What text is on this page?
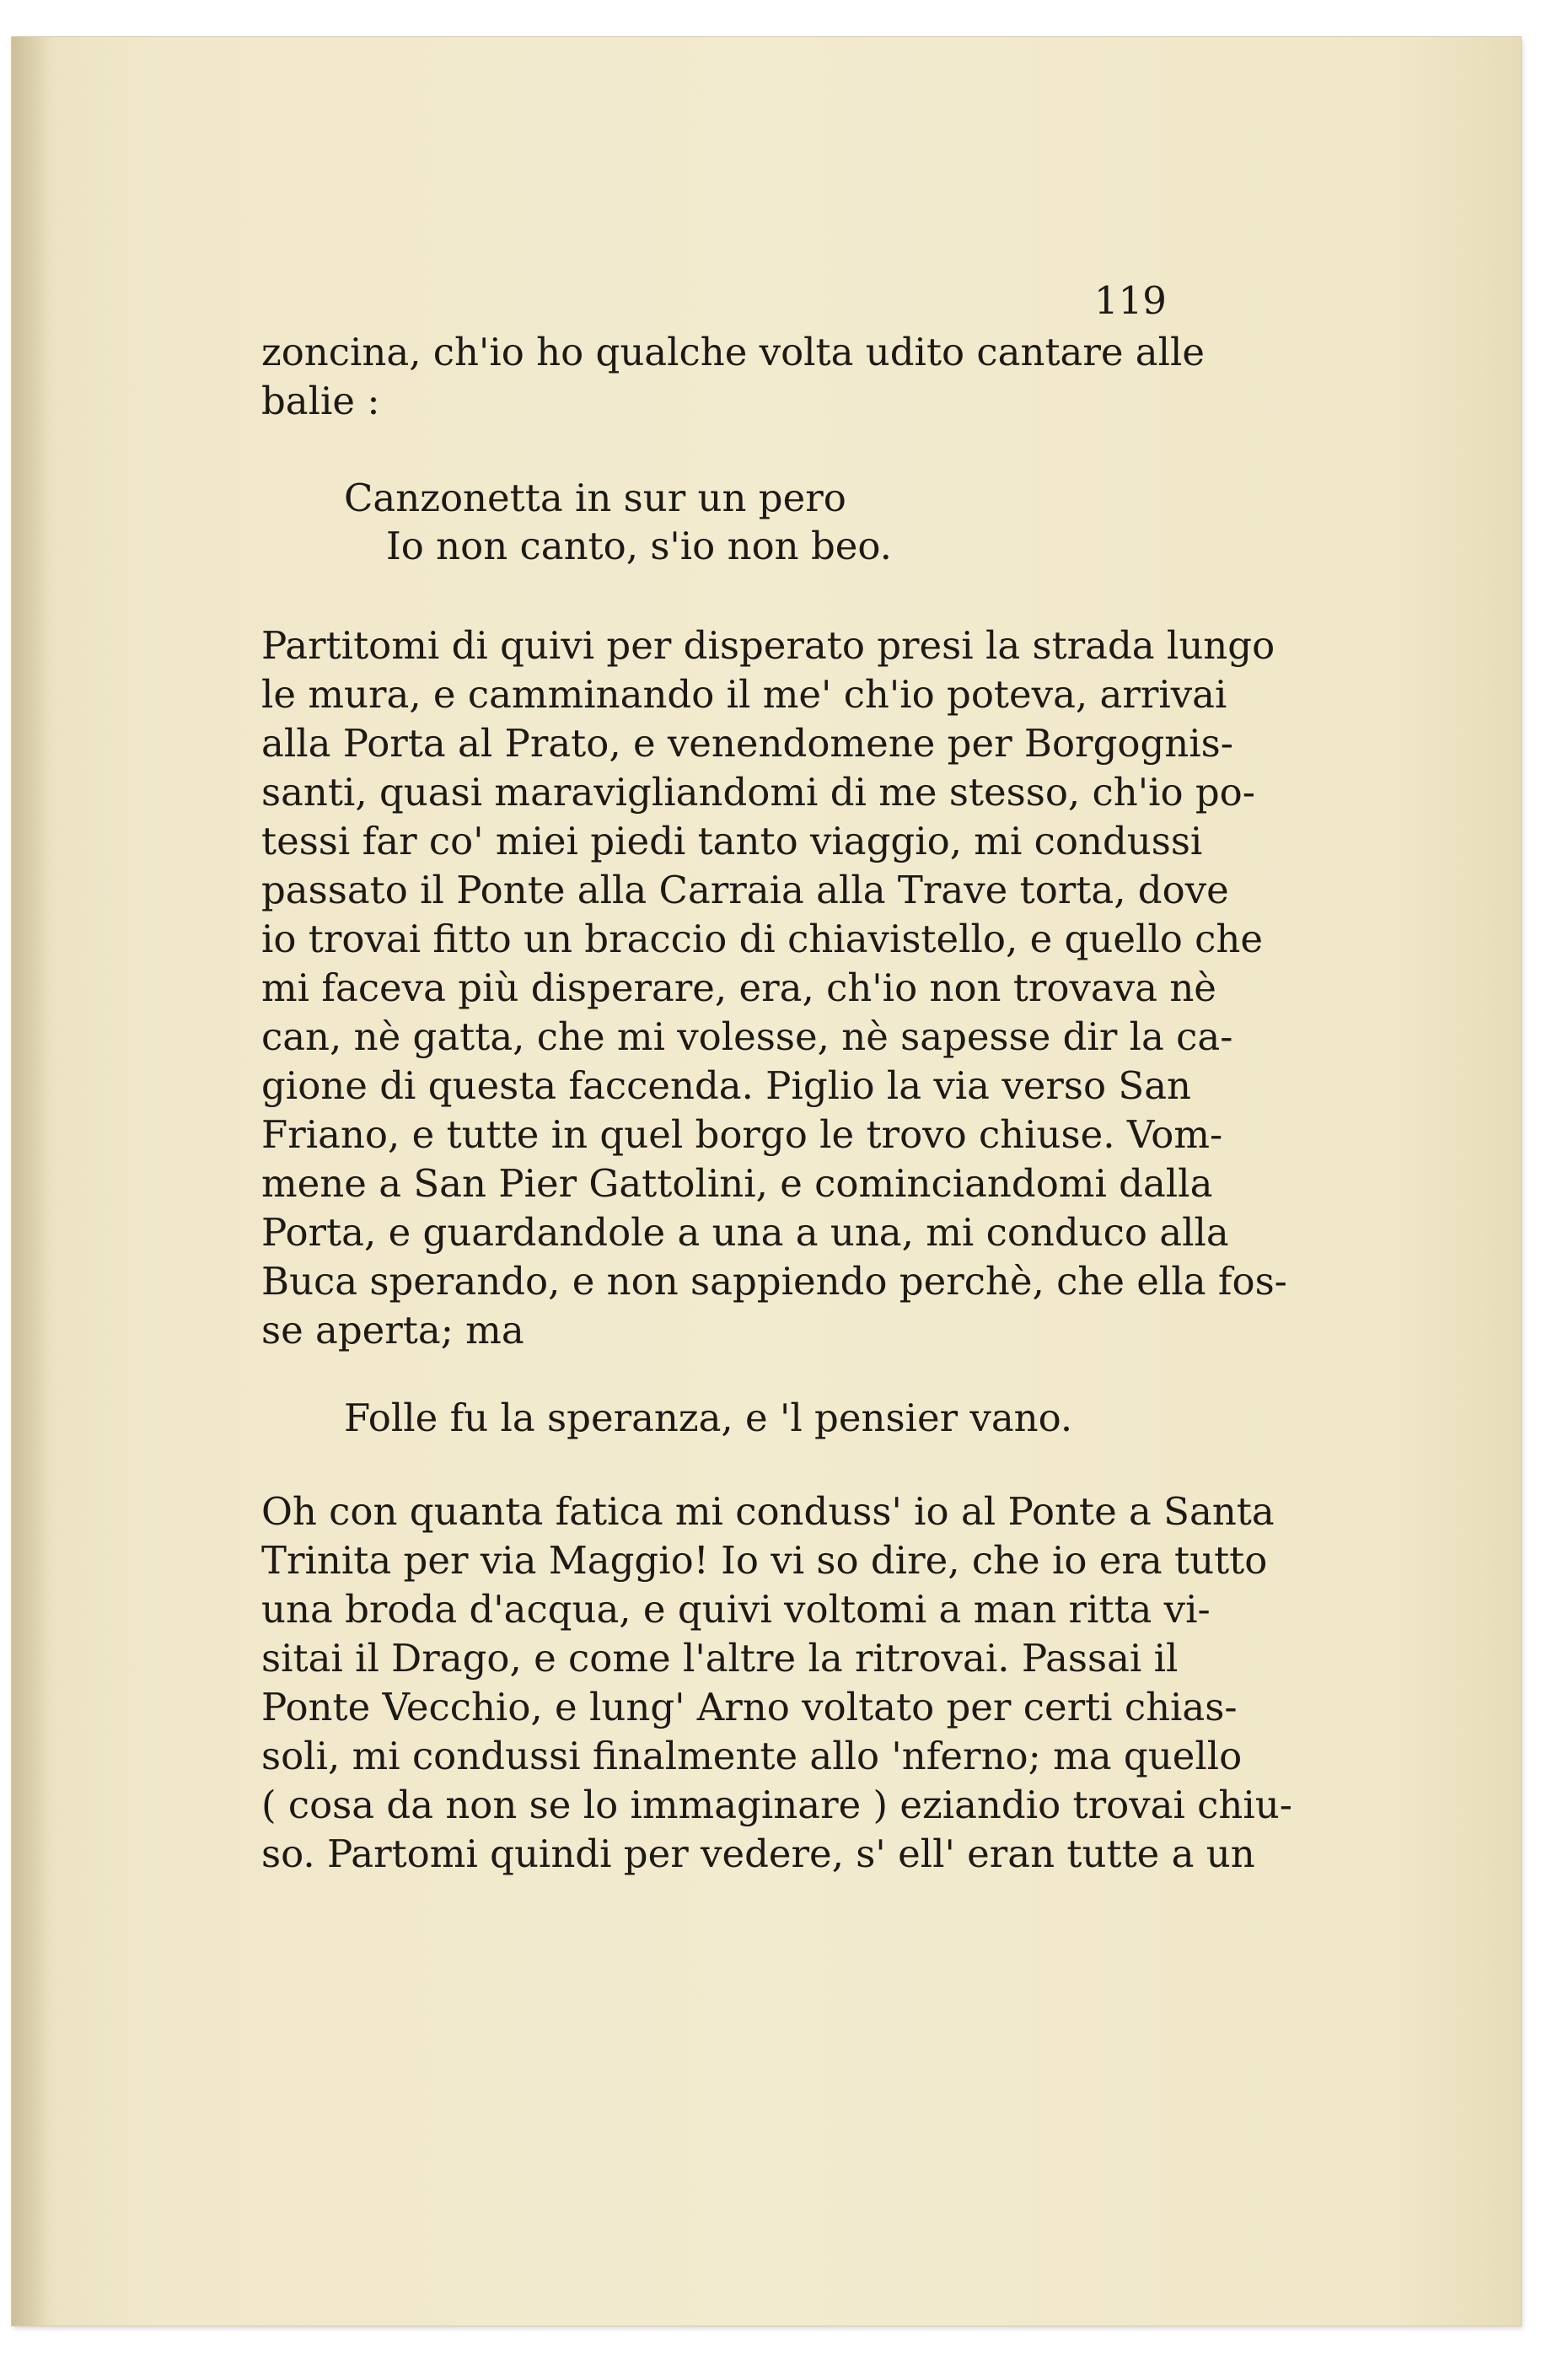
119
zoncina, ch'io ho qualche volta udito cantare alle
balie :
Canzonetta in sur un pero
Io non canto, s'io non beo.
Partitomi di quivi per disperato presi la strada lungo
le mura, e camminando il me' ch'io poteva, arrivai
alla Porta al Prato, e venendomene per Borgognis-
santi, quasi maravigliandomi di me stesso, ch'io po-
tessi far co' miei piedi tanto viaggio, mi condussi
passato il Ponte alla Carraia alla Trave torta, dove
io trovai fitto un braccio di chiavistello, e quello che
mi faceva più disperare, era, ch'io non trovava nè
can, nè gatta, che mi volesse, nè sapesse dir la ca-
gione di questa faccenda. Piglio la via verso San
Friano, e tutte in quel borgo le trovo chiuse. Vom-
mene a San Pier Gattolini, e cominciandomi dalla
Porta, e guardandole a una a una, mi conduco alla
Buca sperando, e non sappiendo perchè, che ella fos-
se aperta; ma
Folle fu la speranza, e 'l pensier vano.
Oh con quanta fatica mi conduss' io al Ponte a Santa
Trinita per via Maggio! Io vi so dire, che io era tutto
una broda d'acqua, e quivi voltomi a man ritta vi-
sitai il Drago, e come l'altre la ritrovai. Passai il
Ponte Vecchio, e lung' Arno voltato per certi chias-
soli, mi condussi finalmente allo 'nferno; ma quello
( cosa da non se lo immaginare ) eziandio trovai chiu-
so. Partomi quindi per vedere, s' ell' eran tutte a un
